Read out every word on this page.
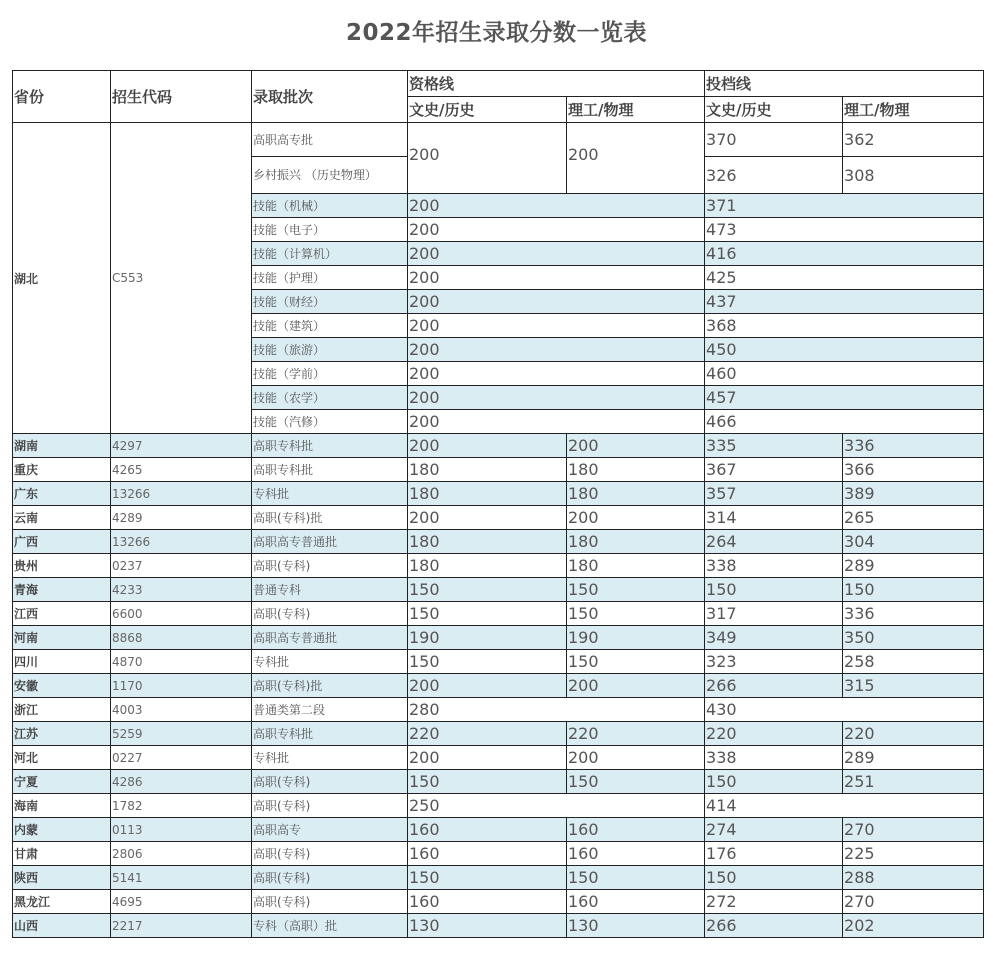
2022年招生录取分数一览表
省份	招生代码	录取批次	资格线		投档线	
			文史/历史	理工/物理	文史/历史	理工/物理
湖北	C553	高职高专批	200	200	370	362
		乡村振兴 （历史物理）			326	308
		技能（机械）	200		371	
		技能（电子）	200		473	
		技能（计算机）	200		416	
		技能（护理）	200		425	
		技能（财经）	200		437	
		技能（建筑）	200		368	
		技能（旅游）	200		450	
		技能（学前）	200		460	
		技能（农学）	200		457	
		技能（汽修）	200		466	
湖南	4297	高职专科批	200	200	335	336
重庆	4265	高职专科批	180	180	367	366
广东	13266	专科批	180	180	357	389
云南	4289	高职(专科)批	200	200	314	265
广西	13266	高职高专普通批	180	180	264	304
贵州	0237	高职(专科)	180	180	338	289
青海	4233	普通专科	150	150	150	150
江西	6600	高职(专科)	150	150	317	336
河南	8868	高职高专普通批	190	190	349	350
四川	4870	专科批	150	150	323	258
安徽	1170	高职(专科)批	200	200	266	315
浙江	4003	普通类第二段	280		430	
江苏	5259	高职专科批	220	220	220	220
河北	0227	专科批	200	200	338	289
宁夏	4286	高职(专科)	150	150	150	251
海南	1782	高职(专科)	250		414	
内蒙	0113	高职高专	160	160	274	270
甘肃	2806	高职(专科)	160	160	176	225
陕西	5141	高职(专科)	150	150	150	288
黑龙江	4695	高职(专科)	160	160	272	270
山西	2217	专科（高职）批	130	130	266	202
